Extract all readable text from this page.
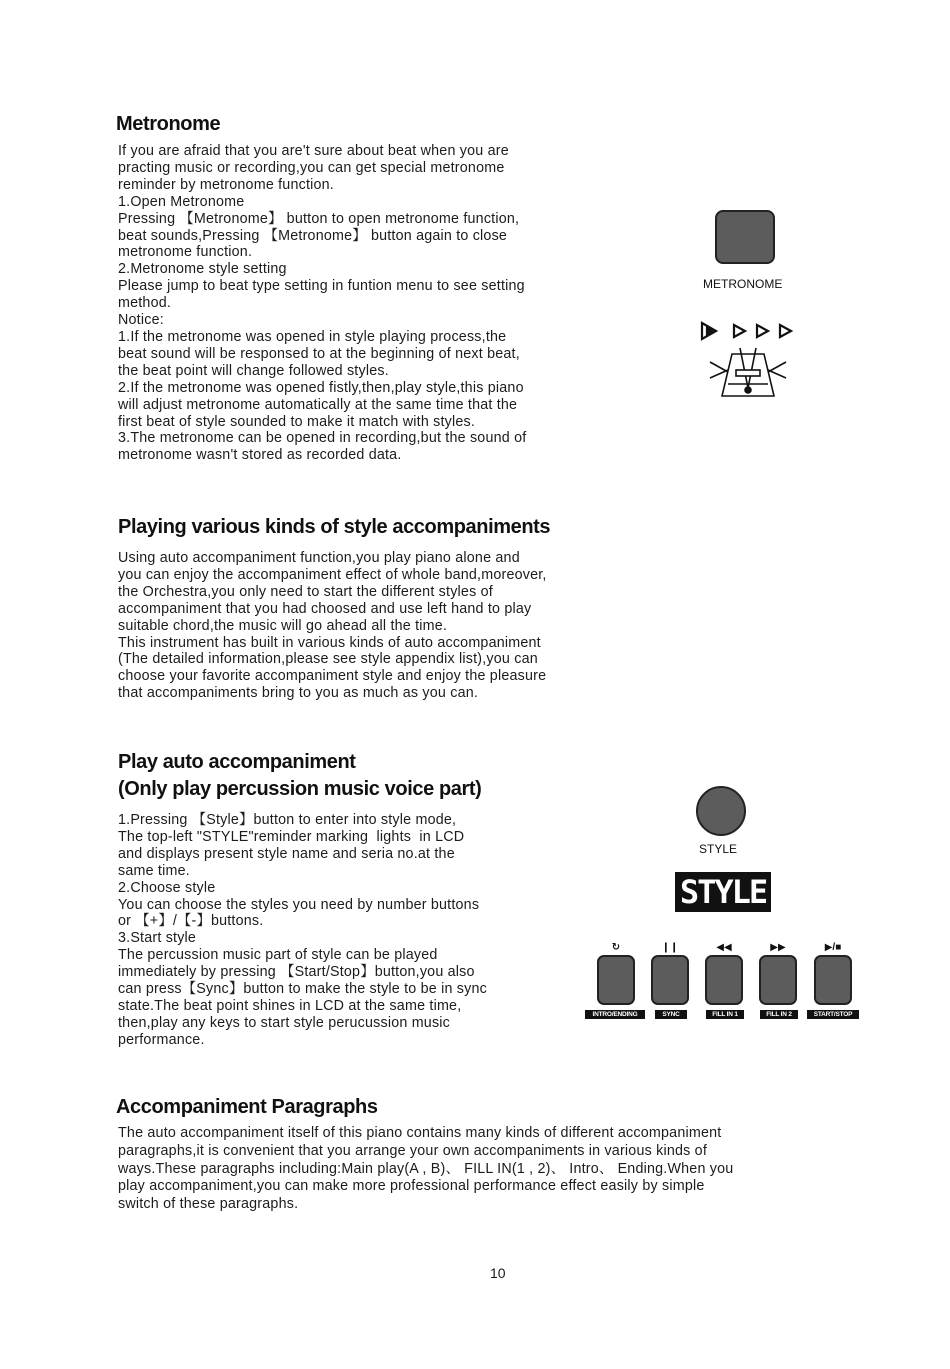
Metronome

If you are afraid that you are't sure about beat when you are
practing music or recording,you can get special metronome
reminder by metronome function.
1.Open Metronome
Pressing 【Metronome】 button to open metronome function,
beat sounds,Pressing 【Metronome】 button again to close
metronome function.
2.Metronome style setting
Please jump to beat type setting in funtion menu to see setting
method.
Notice:
1.If the metronome was opened in style playing process,the
beat sound will be responsed to at the beginning of next beat,
the beat point will change followed styles.
2.If the metronome was opened fistly,then,play style,this piano
will adjust metronome automatically at the same time that the
first beat of style sounded to make it match with styles.
3.The metronome can be opened in recording,but the sound of
metronome wasn't stored as recorded data.

METRONOME
Playing various kinds of style accompaniments

Using auto accompaniment function,you play piano alone and
you can enjoy the accompaniment effect of whole band,moreover,
the Orchestra,you only need to start the different styles of
accompaniment that you had choosed and use left hand to play
suitable chord,the music will go ahead all the time.
This instrument has built in various kinds of auto accompaniment
(The detailed information,please see style appendix list),you can
choose your favorite accompaniment style and enjoy the pleasure
that accompaniments bring to you as much as you can.

Play auto accompaniment
(Only play percussion music voice part)

1.Pressing 【Style】button to enter into style mode,
The top-left "STYLE"reminder marking  lights  in LCD
and displays present style name and seria no.at the
same time.
2.Choose style
You can choose the styles you need by number buttons
or 【+】/【-】buttons.
3.Start style
The percussion music part of style can be played
immediately by pressing 【Start/Stop】button,you also
can press【Sync】button to make the style to be in sync
state.The beat point shines in LCD at the same time,
then,play any keys to start style perucussion music
performance.

STYLE
STYLE
↻	❙❙	◀◀	▶▶	▶/■
INTRO/ENDING	SYNC	FILL IN 1	FILL IN 2	START/STOP
Accompaniment Paragraphs

The auto accompaniment itself of this piano contains many kinds of different accompaniment
paragraphs,it is convenient that you arrange your own accompaniments in various kinds of
ways.These paragraphs including:Main play(A , B)、 FILL IN(1 , 2)、 Intro、 Ending.When you
play accompaniment,you can make more professional performance effect easily by simple
switch of these paragraphs.

10
